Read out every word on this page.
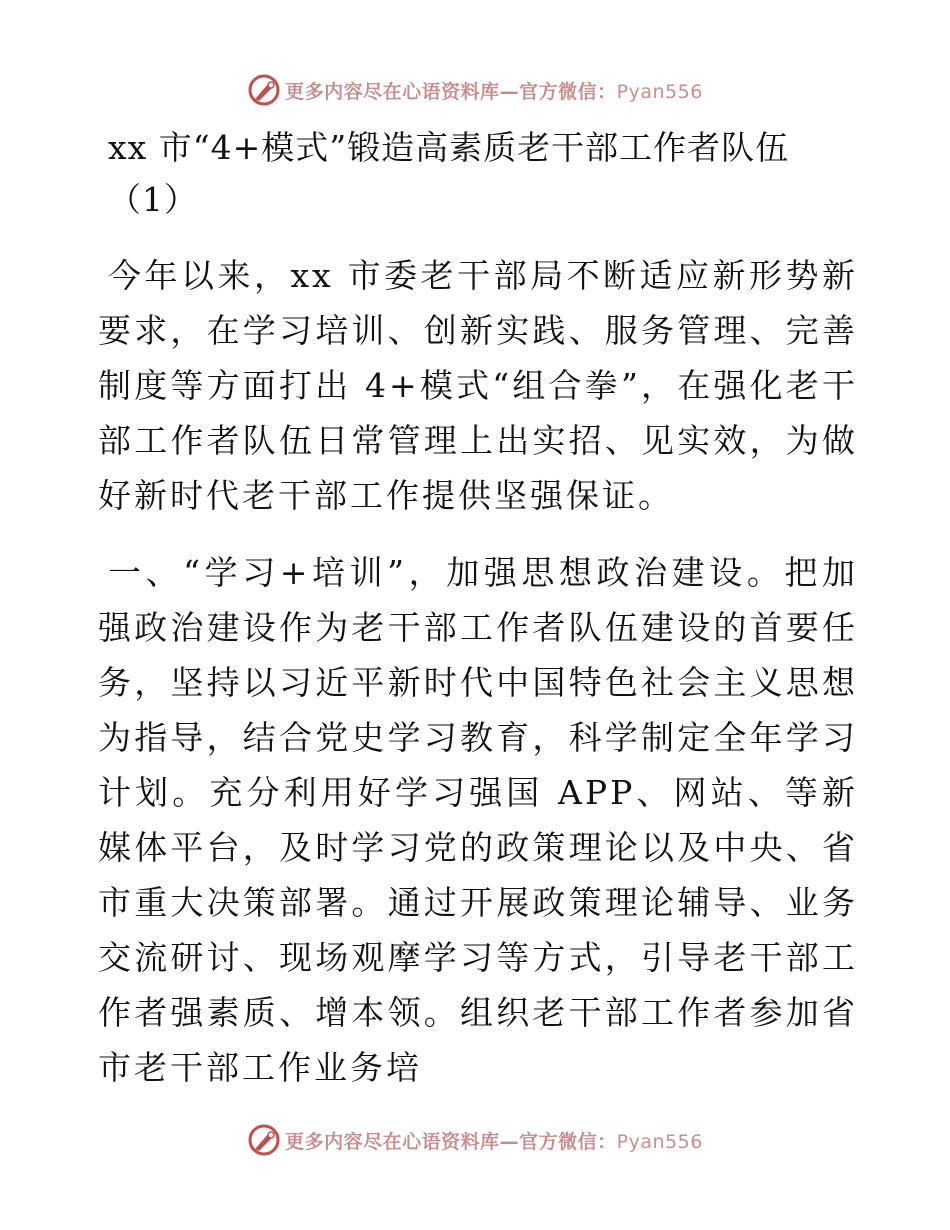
更多内容尽在心语资料库—官方微信：Pyan556
xx 市“4+模式”锻造高素质老干部工作者队伍（1）

今年以来，xx 市委老干部局不断适应新形势新要求，在学习培训、创新实践、服务管理、完善制度等方面打出 4+模式“组合拳”，在强化老干部工作者队伍日常管理上出实招、见实效，为做好新时代老干部工作提供坚强保证。

一、“学习+培训”，加强思想政治建设。把加强政治建设作为老干部工作者队伍建设的首要任务，坚持以习近平新时代中国特色社会主义思想为指导，结合党史学习教育，科学制定全年学习计划。充分利用好学习强国 APP、网站、等新媒体平台，及时学习党的政策理论以及中央、省市重大决策部署。通过开展政策理论辅导、业务交流研讨、现场观摩学习等方式，引导老干部工作者强素质、增本领。组织老干部工作者参加省市老干部工作业务培

更多内容尽在心语资料库—官方微信：Pyan556
